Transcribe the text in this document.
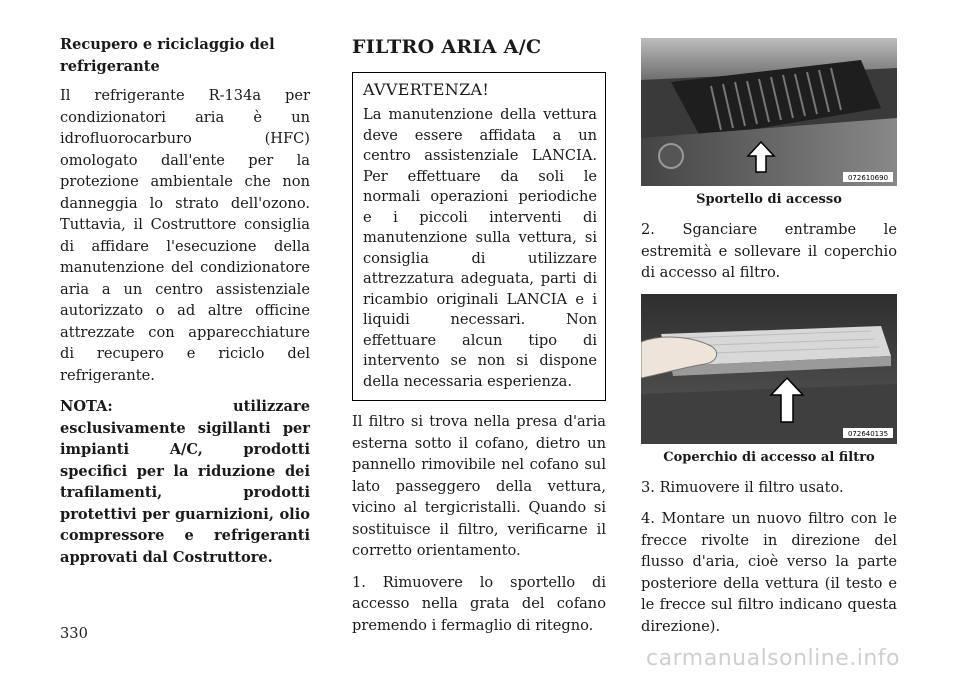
Recupero e riciclaggio del refrigerante

Il refrigerante R-134a per condizionatori aria è un idrofluorocarburo (HFC) omologato dall'ente per la protezione ambientale che non danneggia lo strato dell'ozono. Tuttavia, il Costruttore consiglia di affidare l'esecuzione della manutenzione del condizionatore aria a un centro assistenziale autorizzato o ad altre officine attrezzate con apparecchiature di recupero e riciclo del refrigerante.

NOTA: utilizzare esclusivamente sigillanti per impianti A/C, prodotti specifici per la riduzione dei trafilamenti, prodotti protettivi per guarnizioni, olio compressore e refrigeranti approvati dal Costruttore.

FILTRO ARIA A/C
AVVERTENZA!

La manutenzione della vettura deve essere affidata a un centro assistenziale LANCIA. Per effettuare da soli le normali operazioni periodiche e i piccoli interventi di manutenzione sulla vettura, si consiglia di utilizzare attrezzatura adeguata, parti di ricambio originali LANCIA e i liquidi necessari. Non effettuare alcun tipo di intervento se non si dispone della necessaria esperienza.

Il filtro si trova nella presa d'aria esterna sotto il cofano, dietro un pannello rimovibile nel cofano sul lato passeggero della vettura, vicino al tergicristalli. Quando si sostituisce il filtro, verificarne il corretto orientamento.

1. Rimuovere lo sportello di accesso nella grata del cofano premendo i fermaglio di ritegno.

072610690
Sportello di accesso

2. Sganciare entrambe le estremità e sollevare il coperchio di accesso al filtro.

072640135
Coperchio di accesso al filtro

3. Rimuovere il filtro usato.

4. Montare un nuovo filtro con le frecce rivolte in direzione del flusso d'aria, cioè verso la parte posteriore della vettura (il testo e le frecce sul filtro indicano questa direzione).

330
carmanualsonline.info
